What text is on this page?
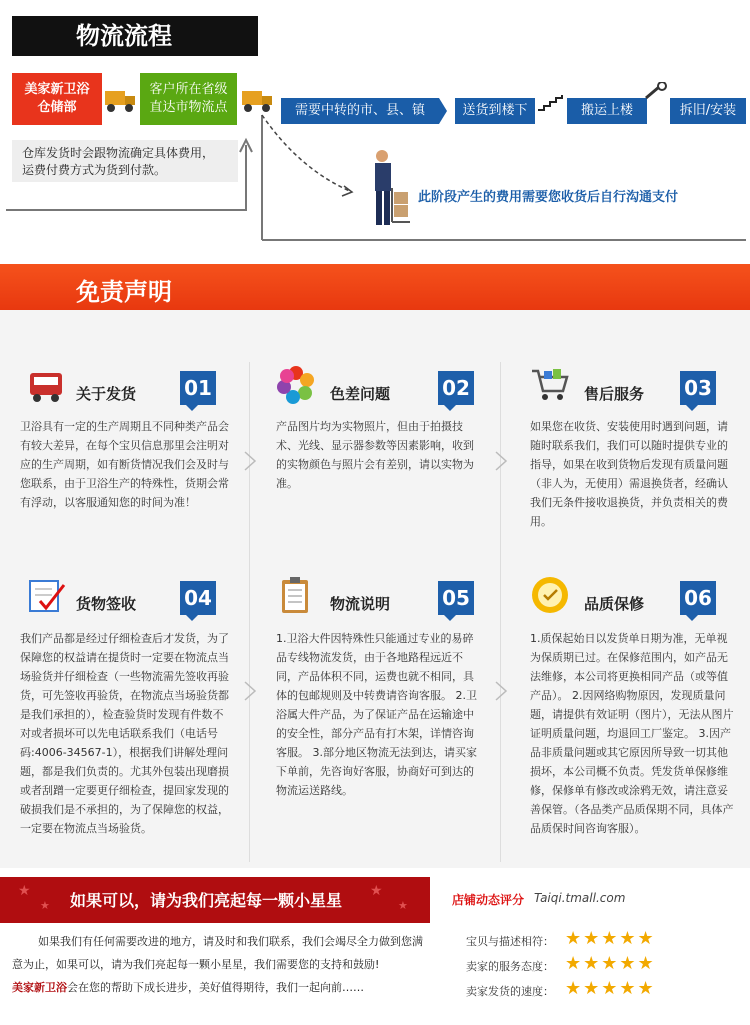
物流流程
美家新卫浴
仓储部
客户所在省级
直达市物流点	需要中转的市、县、镇	送货到楼下	搬运上楼	拆旧/安装
仓库发货时会跟物流确定具体费用，
运费付费方式为货到付款。
此阶段产生的费用需要您收货后自行沟通支付
免责声明
关于发货 01
卫浴具有一定的生产周期且不同种类产品会有较大差异，在每个宝贝信息那里会注明对应的生产周期，如有断货情况我们会及时与您联系，由于卫浴生产的特殊性，货期会常有浮动，以客服通知您的时间为准！
色差问题	02
产品图片均为实物照片，但由于拍摄技术、光线、显示器参数等因素影响，收到的实物颜色与照片会有差别，请以实物为准。
售后服务 03
如果您在收货、安装使用时遇到问题，请随时联系我们，我们可以随时提供专业的指导，如果在收到货物后发现有质量问题（非人为，无使用）需退换货者，经确认我们无条件接收退换货，并负责相关的费用。
货物签收 04
我们产品都是经过仔细检查后才发货，为了保障您的权益请在提货时一定要在物流点当场验货并仔细检查（一些物流需先签收再验货，可先签收再验货，在物流点当场验货都是我们承担的），检查验货时发现有件数不对或者损坏可以先电话联系我们（电话号码:4006-34567-1），根据我们讲解处理问题，都是我们负责的。尤其外包装出现磨损或者刮蹭一定要更仔细检查，提回家发现的破损我们是不承担的，为了保障您的权益，一定要在物流点当场验货。
物流说明	05
1.卫浴大件因特殊性只能通过专业的易碎品专线物流发货，由于各地路程远近不同，产品体积不同，运费也就不相同，具体的包邮规则及中转费请咨询客服。 2.卫浴属大件产品，为了保证产品在运输途中的安全性，部分产品有打木架，详情咨询客服。 3.部分地区物流无法到达，请买家下单前，先咨询好客服，协商好可到达的物流运送路线。
品质保修 06
1.质保起始日以发货单日期为准，无单视为保质期已过。在保修范围内，如产品无法维修，本公司将更换相同产品（或等值产品）。 2.因网络购物原因，发现质量问题，请提供有效证明（图片），无法从图片证明质量问题，均退回工厂鉴定。 3.因产品非质量问题或其它原因所导致一切其他损坏，本公司概不负责。凭发货单保修维修，保修单有修改或涂鸦无效，请注意妥善保管。（各品类产品质保期不同，具体产品质保时间咨询客服）。
★
★ 如果可以，请为我们亮起每一颗小星星 ★
★
如果我们有任何需要改进的地方，请及时和我们联系，我们会竭尽全力做到您满意为止，如果可以，请为我们亮起每一颗小星星，我们需要您的支持和鼓励!
美家新卫浴会在您的帮助下成长进步，美好值得期待，我们一起向前……
店铺动态评分 Taiqi.tmall.com
宝贝与描述相符： ★★★★★
卖家的服务态度： ★★★★★
卖家发货的速度： ★★★★★
